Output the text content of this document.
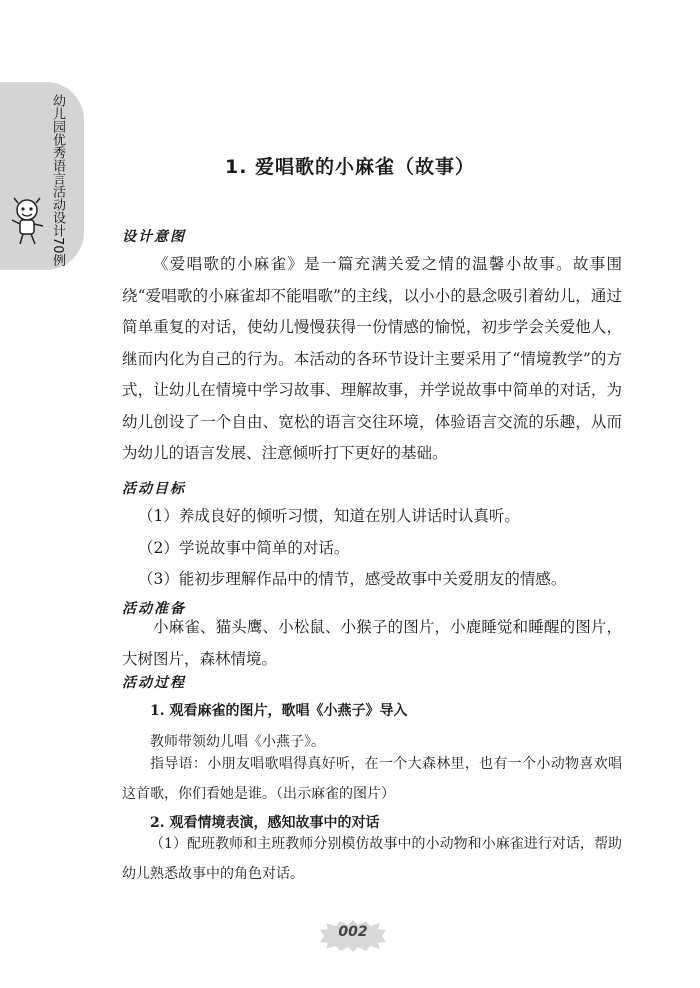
幼儿园优秀语言活动设计70例	1. 爱唱歌的小麻雀（故事）
设计意图

《爱唱歌的小麻雀》是一篇充满关爱之情的温馨小故事。故事围绕“爱唱歌的小麻雀却不能唱歌”的主线，以小小的悬念吸引着幼儿，通过简单重复的对话，使幼儿慢慢获得一份情感的愉悦，初步学会关爱他人，继而内化为自己的行为。本活动的各环节设计主要采用了“情境教学”的方式，让幼儿在情境中学习故事、理解故事，并学说故事中简单的对话，为幼儿创设了一个自由、宽松的语言交往环境，体验语言交流的乐趣，从而为幼儿的语言发展、注意倾听打下更好的基础。

活动目标
（1）养成良好的倾听习惯，知道在别人讲话时认真听。
（2）学说故事中简单的对话。
（3）能初步理解作品中的情节，感受故事中关爱朋友的情感。
活动准备

小麻雀、猫头鹰、小松鼠、小猴子的图片，小鹿睡觉和睡醒的图片，大树图片，森林情境。

活动过程
1. 观看麻雀的图片，歌唱《小燕子》导入
教师带领幼儿唱《小燕子》。

指导语：小朋友唱歌唱得真好听，在一个大森林里，也有一个小动物喜欢唱这首歌，你们看她是谁。（出示麻雀的图片）

2. 观看情境表演，感知故事中的对话

（1）配班教师和主班教师分别模仿故事中的小动物和小麻雀进行对话，帮助幼儿熟悉故事中的角色对话。

002
